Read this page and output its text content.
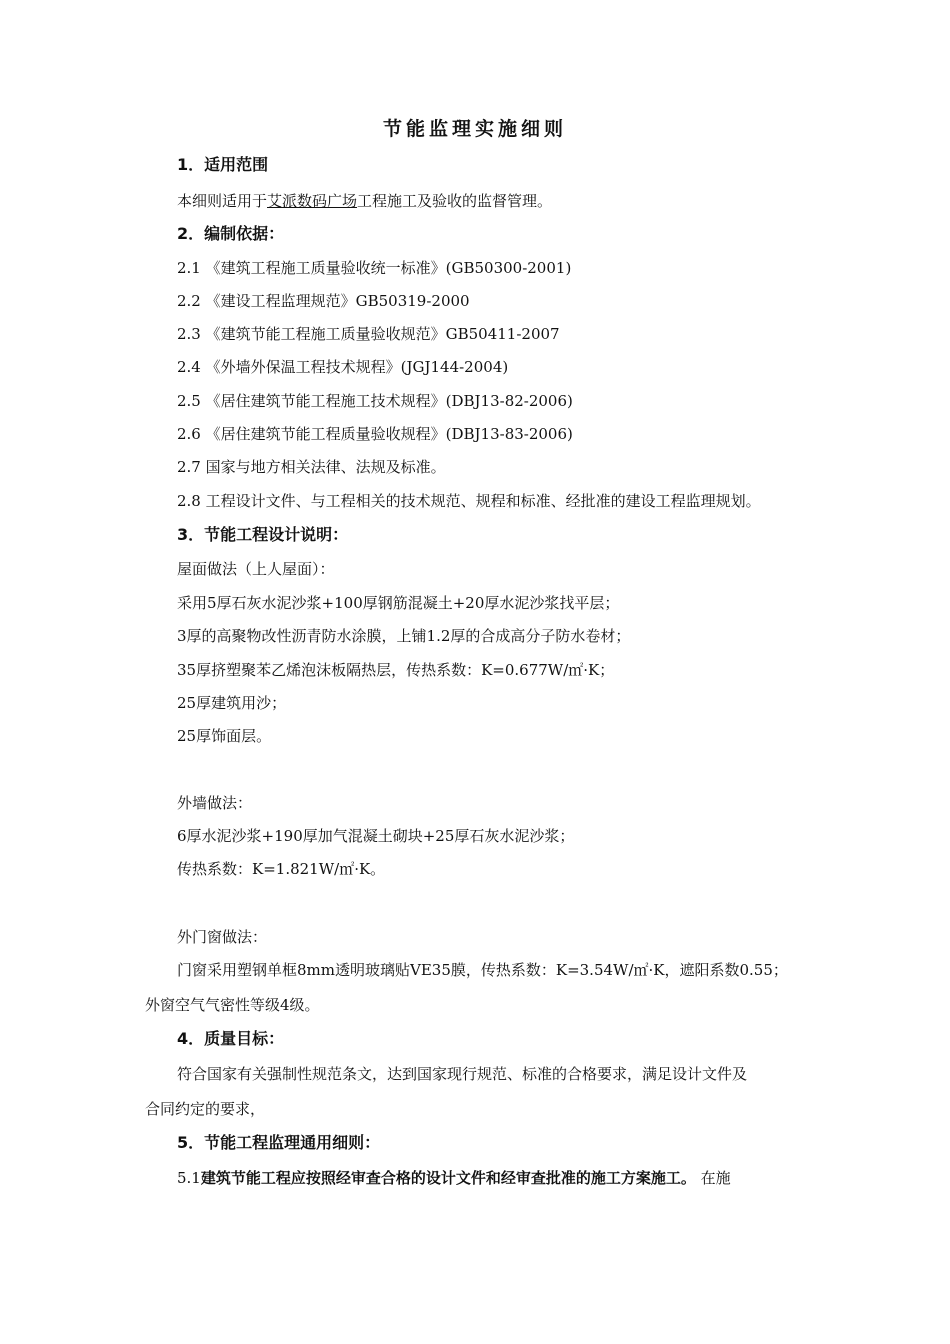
节能监理实施细则
1．适用范围
本细则适用于艾派数码广场工程施工及验收的监督管理。
2．编制依据：
2.1 《建筑工程施工质量验收统一标准》(GB50300-2001)
2.2 《建设工程监理规范》GB50319-2000
2.3 《建筑节能工程施工质量验收规范》GB50411-2007
2.4 《外墙外保温工程技术规程》(JGJ144-2004)
2.5 《居住建筑节能工程施工技术规程》(DBJ13-82-2006)
2.6 《居住建筑节能工程质量验收规程》(DBJ13-83-2006)
2.7 国家与地方相关法律、法规及标准。
2.8 工程设计文件、与工程相关的技术规范、规程和标准、经批准的建设工程监理规划。
3．节能工程设计说明：
屋面做法（上人屋面）：
采用5厚石灰水泥沙浆+100厚钢筋混凝土+20厚水泥沙浆找平层；
3厚的高聚物改性沥青防水涂膜，上铺1.2厚的合成高分子防水卷材；
35厚挤塑聚苯乙烯泡沫板隔热层，传热系数：K=0.677W/㎡·K；
25厚建筑用沙；
25厚饰面层。
外墙做法：
6厚水泥沙浆+190厚加气混凝土砌块+25厚石灰水泥沙浆；
传热系数：K=1.821W/㎡·K。
外门窗做法：
门窗采用塑钢单框8mm透明玻璃贴VE35膜，传热系数：K=3.54W/㎡·K，遮阳系数0.55；
外窗空气气密性等级4级。
4．质量目标：
符合国家有关强制性规范条文，达到国家现行规范、标准的合格要求，满足设计文件及
合同约定的要求，
5．节能工程监理通用细则：
5.1建筑节能工程应按照经审查合格的设计文件和经审查批准的施工方案施工。 在施
